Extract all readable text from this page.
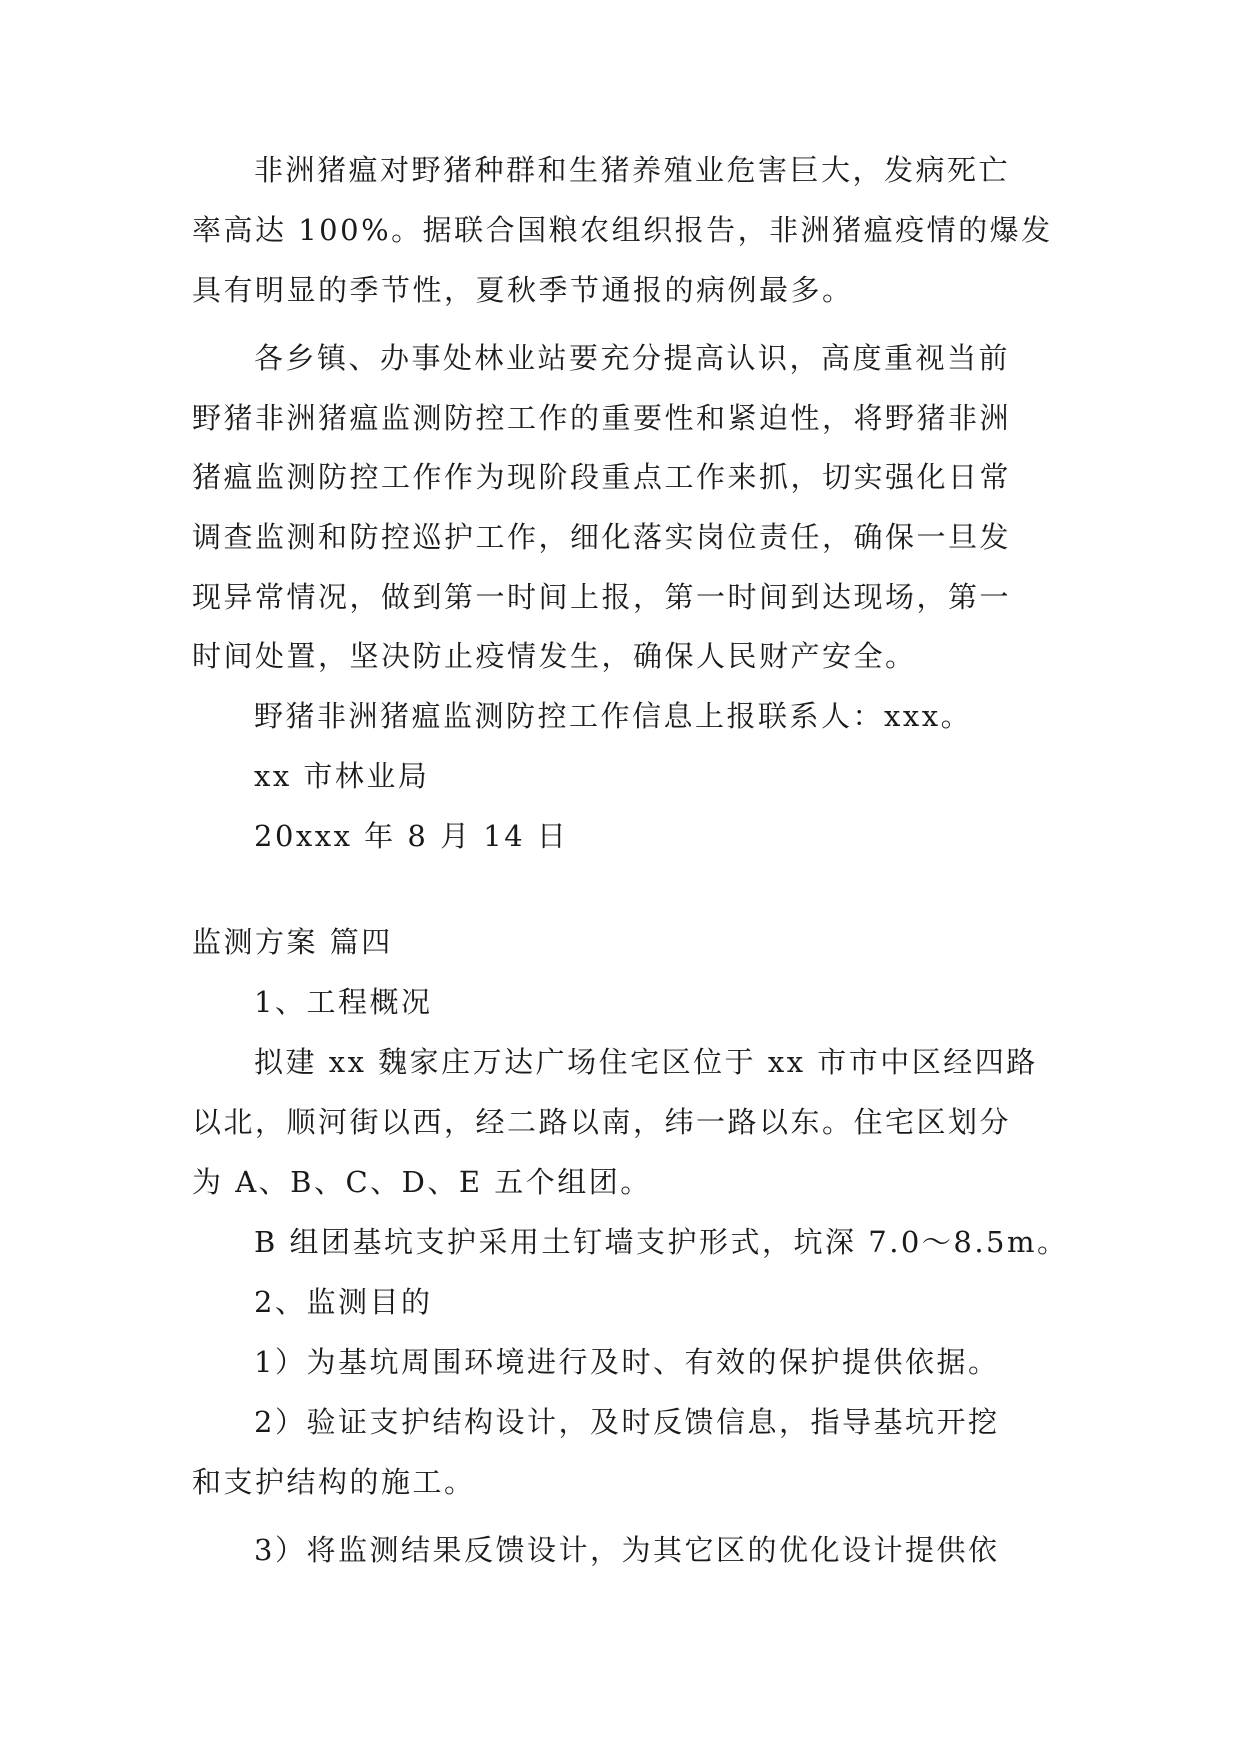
非洲猪瘟对野猪种群和生猪养殖业危害巨大，发病死亡
率高达 100%。据联合国粮农组织报告，非洲猪瘟疫情的爆发
具有明显的季节性，夏秋季节通报的病例最多。
各乡镇、办事处林业站要充分提高认识，高度重视当前
野猪非洲猪瘟监测防控工作的重要性和紧迫性，将野猪非洲
猪瘟监测防控工作作为现阶段重点工作来抓，切实强化日常
调查监测和防控巡护工作，细化落实岗位责任，确保一旦发
现异常情况，做到第一时间上报，第一时间到达现场，第一
时间处置，坚决防止疫情发生，确保人民财产安全。
野猪非洲猪瘟监测防控工作信息上报联系人：xxx。
xx 市林业局
20xxx 年 8 月 14 日
监测方案 篇四
1、工程概况
拟建 xx 魏家庄万达广场住宅区位于 xx 市市中区经四路
以北，顺河街以西，经二路以南，纬一路以东。住宅区划分
为 A、B、C、D、E 五个组团。
B 组团基坑支护采用土钉墙支护形式，坑深 7.0～8.5m。
2、监测目的
1）为基坑周围环境进行及时、有效的保护提供依据。
2）验证支护结构设计，及时反馈信息，指导基坑开挖
和支护结构的施工。
3）将监测结果反馈设计，为其它区的优化设计提供依
